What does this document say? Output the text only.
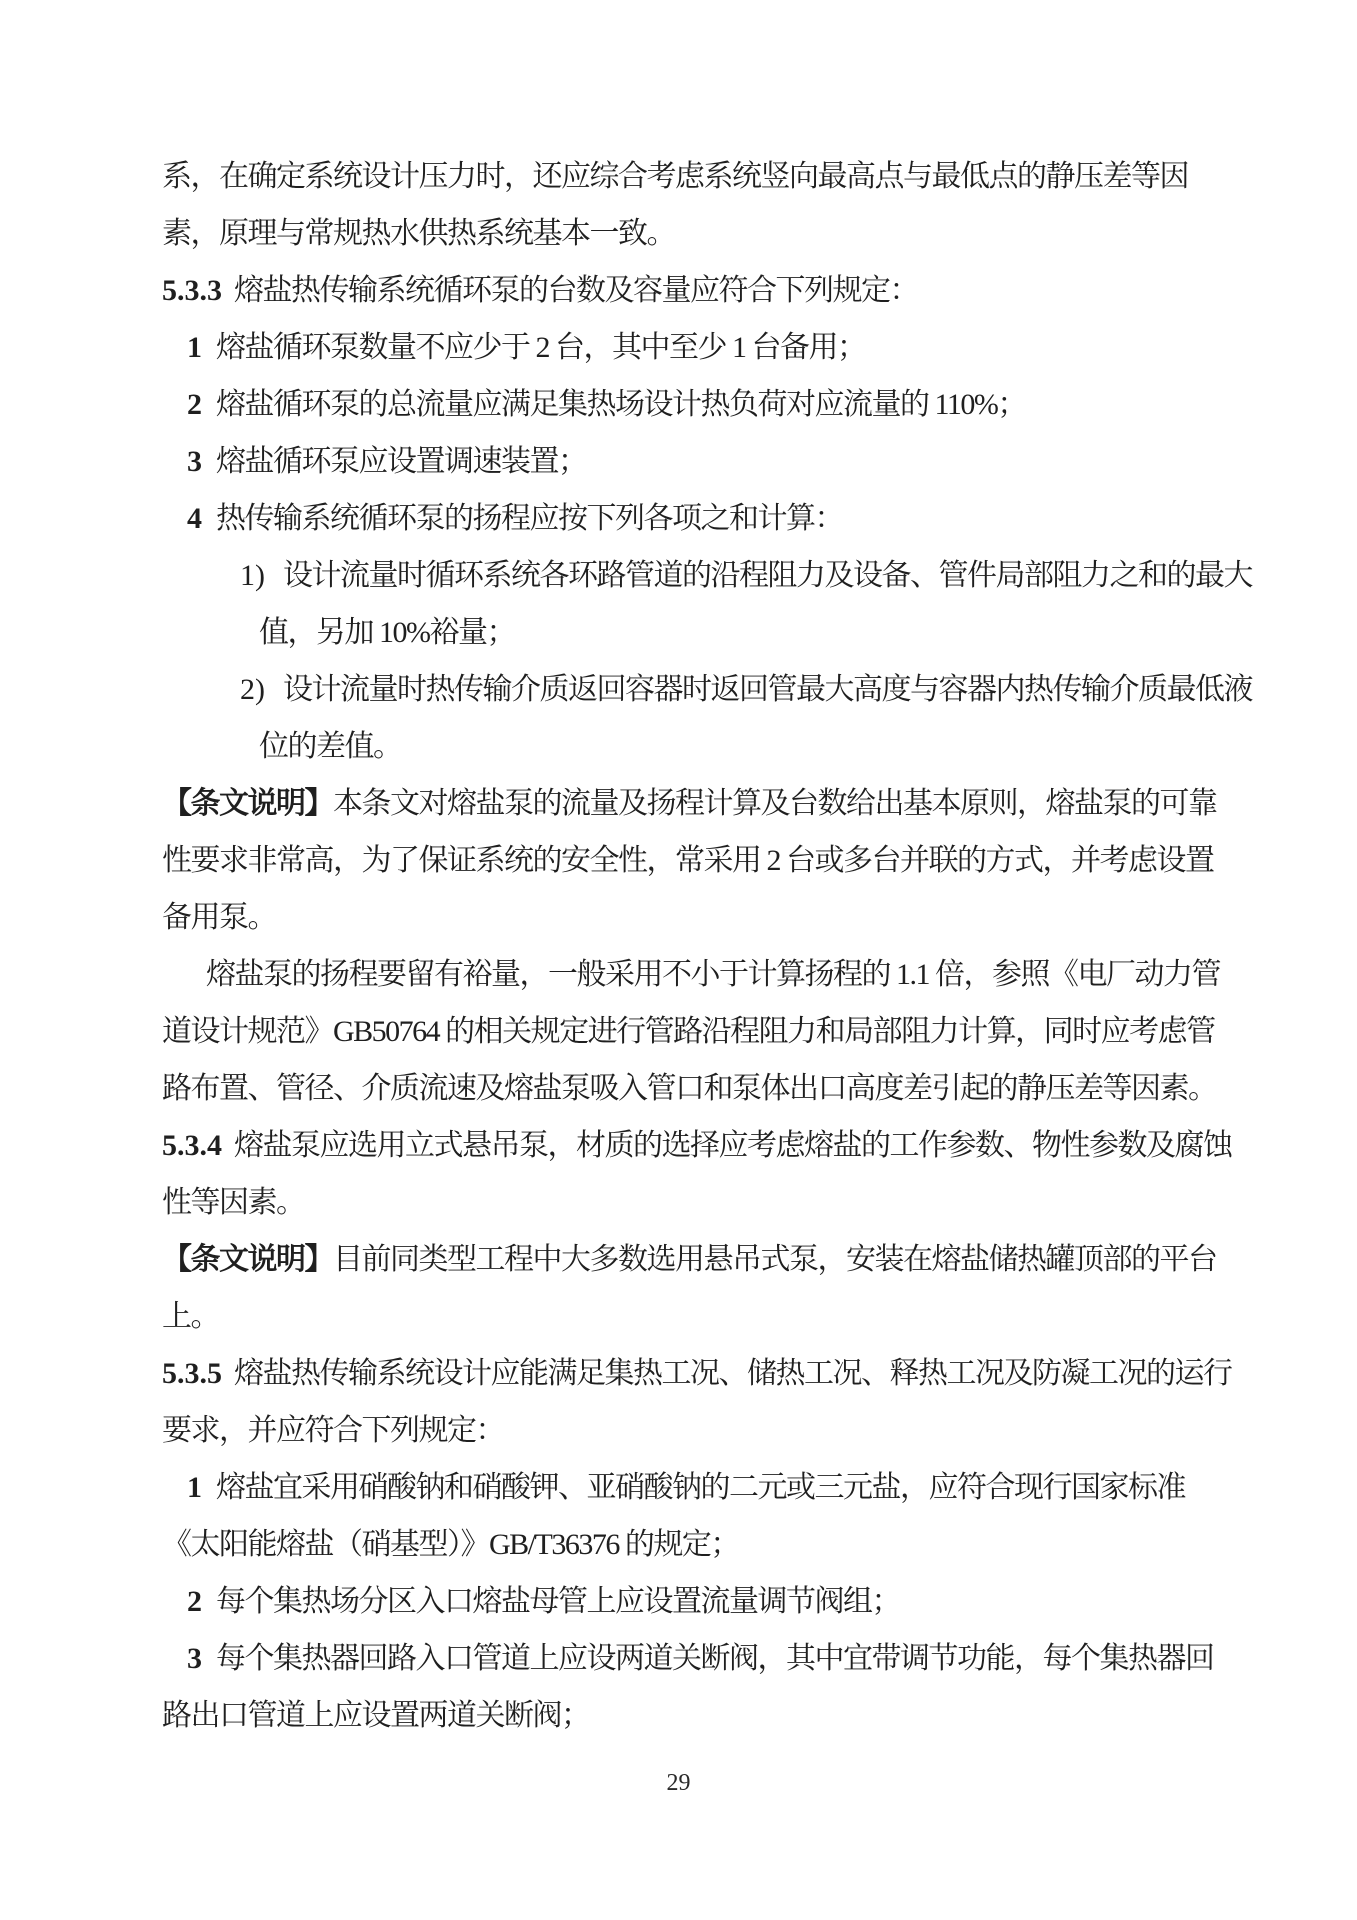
系，在确定系统设计压力时，还应综合考虑系统竖向最高点与最低点的静压差等因
素，原理与常规热水供热系统基本一致。
5.3.3 熔盐热传输系统循环泵的台数及容量应符合下列规定：
1 熔盐循环泵数量不应少于 2 台，其中至少 1 台备用；
2 熔盐循环泵的总流量应满足集热场设计热负荷对应流量的 110%；
3 熔盐循环泵应设置调速装置；
4 热传输系统循环泵的扬程应按下列各项之和计算：
1) 设计流量时循环系统各环路管道的沿程阻力及设备、管件局部阻力之和的最大
值，另加 10%裕量；
2) 设计流量时热传输介质返回容器时返回管最大高度与容器内热传输介质最低液
位的差值。
【条文说明】本条文对熔盐泵的流量及扬程计算及台数给出基本原则，熔盐泵的可靠
性要求非常高，为了保证系统的安全性，常采用 2 台或多台并联的方式，并考虑设置
备用泵。
熔盐泵的扬程要留有裕量，一般采用不小于计算扬程的 1.1 倍，参照《电厂动力管
道设计规范》GB50764 的相关规定进行管路沿程阻力和局部阻力计算，同时应考虑管
路布置、管径、介质流速及熔盐泵吸入管口和泵体出口高度差引起的静压差等因素。
5.3.4 熔盐泵应选用立式悬吊泵，材质的选择应考虑熔盐的工作参数、物性参数及腐蚀
性等因素。
【条文说明】目前同类型工程中大多数选用悬吊式泵，安装在熔盐储热罐顶部的平台
上。
5.3.5 熔盐热传输系统设计应能满足集热工况、储热工况、释热工况及防凝工况的运行
要求，并应符合下列规定：
1 熔盐宜采用硝酸钠和硝酸钾、亚硝酸钠的二元或三元盐，应符合现行国家标准
《太阳能熔盐（硝基型）》GB/T36376 的规定；
2 每个集热场分区入口熔盐母管上应设置流量调节阀组；
3 每个集热器回路入口管道上应设两道关断阀，其中宜带调节功能，每个集热器回
路出口管道上应设置两道关断阀；
29
